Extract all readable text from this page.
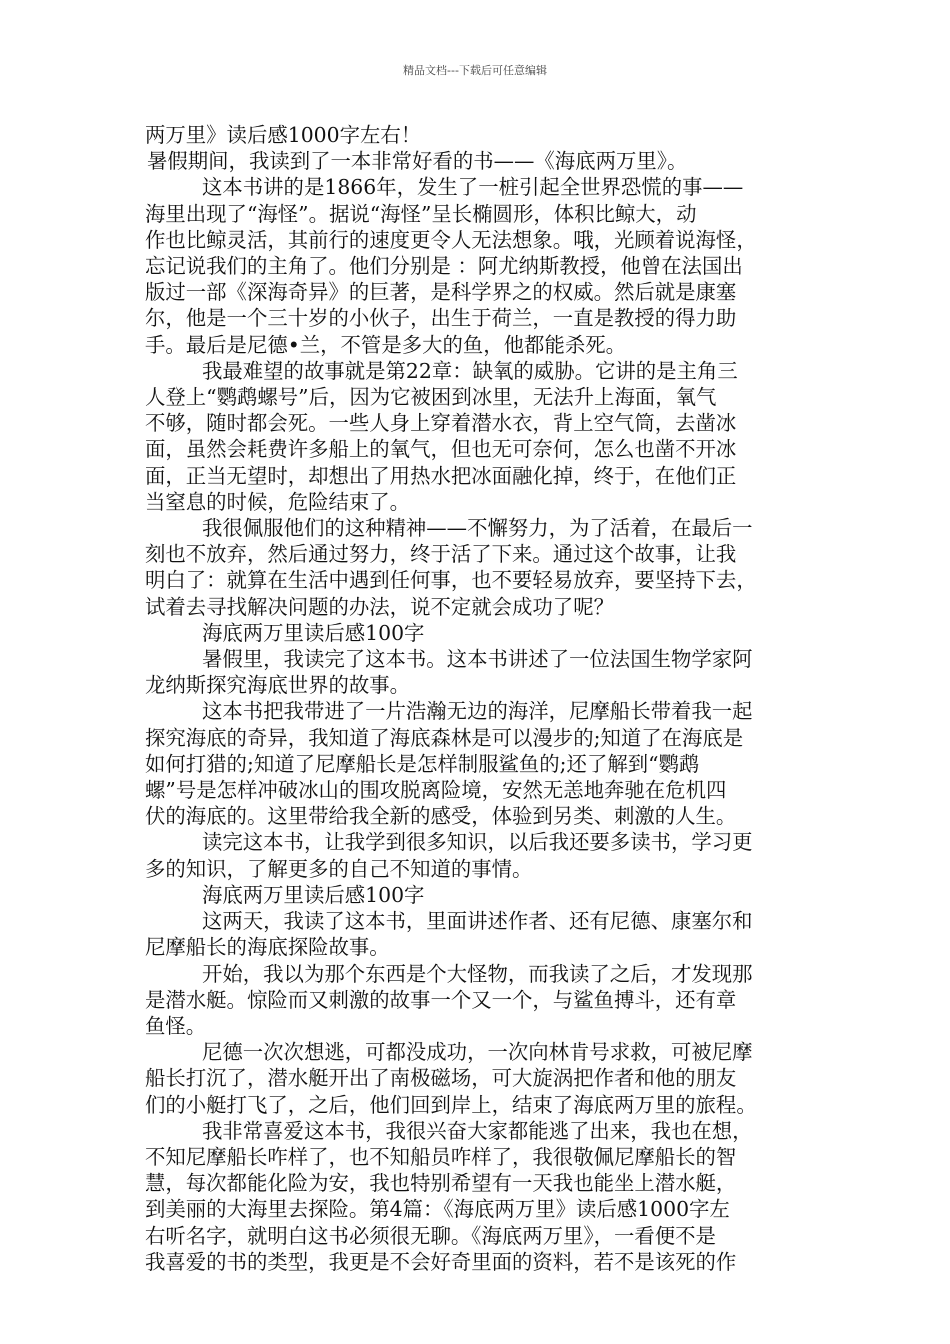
精品文档---下载后可任意编辑
两万里》读后感1000字左右！
暑假期间，我读到了一本非常好看的书——《海底两万里》。
这本书讲的是1866年，发生了一桩引起全世界恐慌的事——
海里出现了“海怪”。据说“海怪”呈长椭圆形，体积比鲸大，动
作也比鲸灵活，其前行的速度更令人无法想象。哦，光顾着说海怪，
忘记说我们的主角了。他们分别是 ：阿尤纳斯教授，他曾在法国出
版过一部《深海奇异》的巨著，是科学界之的权威。然后就是康塞
尔，他是一个三十岁的小伙子，出生于荷兰，一直是教授的得力助
手。最后是尼德•兰，不管是多大的鱼，他都能杀死。
我最难望的故事就是第22章：缺氧的威胁。它讲的是主角三
人登上“鹦鹉螺号”后，因为它被困到冰里，无法升上海面，氧气
不够，随时都会死。一些人身上穿着潜水衣，背上空气筒，去凿冰
面，虽然会耗费许多船上的氧气，但也无可奈何，怎么也凿不开冰
面，正当无望时，却想出了用热水把冰面融化掉，终于，在他们正
当窒息的时候，危险结束了。
我很佩服他们的这种精神——不懈努力，为了活着，在最后一
刻也不放弃，然后通过努力，终于活了下来。通过这个故事，让我
明白了：就算在生活中遇到任何事，也不要轻易放弃，要坚持下去，
试着去寻找解决问题的办法，说不定就会成功了呢？
海底两万里读后感100字
暑假里，我读完了这本书。这本书讲述了一位法国生物学家阿
龙纳斯探究海底世界的故事。
这本书把我带进了一片浩瀚无边的海洋，尼摩船长带着我一起
探究海底的奇异，我知道了海底森林是可以漫步的;知道了在海底是
如何打猎的;知道了尼摩船长是怎样制服鲨鱼的;还了解到“鹦鹉
螺”号是怎样冲破冰山的围攻脱离险境，安然无恙地奔驰在危机四
伏的海底的。这里带给我全新的感受，体验到另类、刺激的人生。
读完这本书，让我学到很多知识，以后我还要多读书，学习更
多的知识，了解更多的自己不知道的事情。
海底两万里读后感100字
这两天，我读了这本书，里面讲述作者、还有尼德、康塞尔和
尼摩船长的海底探险故事。
开始，我以为那个东西是个大怪物，而我读了之后，才发现那
是潜水艇。惊险而又刺激的故事一个又一个，与鲨鱼搏斗，还有章
鱼怪。
尼德一次次想逃，可都没成功，一次向林肯号求救，可被尼摩
船长打沉了，潜水艇开出了南极磁场，可大旋涡把作者和他的朋友
们的小艇打飞了，之后，他们回到岸上，结束了海底两万里的旅程。
我非常喜爱这本书，我很兴奋大家都能逃了出来，我也在想，
不知尼摩船长咋样了，也不知船员咋样了，我很敬佩尼摩船长的智
慧，每次都能化险为安，我也特别希望有一天我也能坐上潜水艇，
到美丽的大海里去探险。第4篇：《海底两万里》读后感1000字左
右听名字，就明白这书必须很无聊。《海底两万里》，一看便不是
我喜爱的书的类型，我更是不会好奇里面的资料，若不是该死的作
